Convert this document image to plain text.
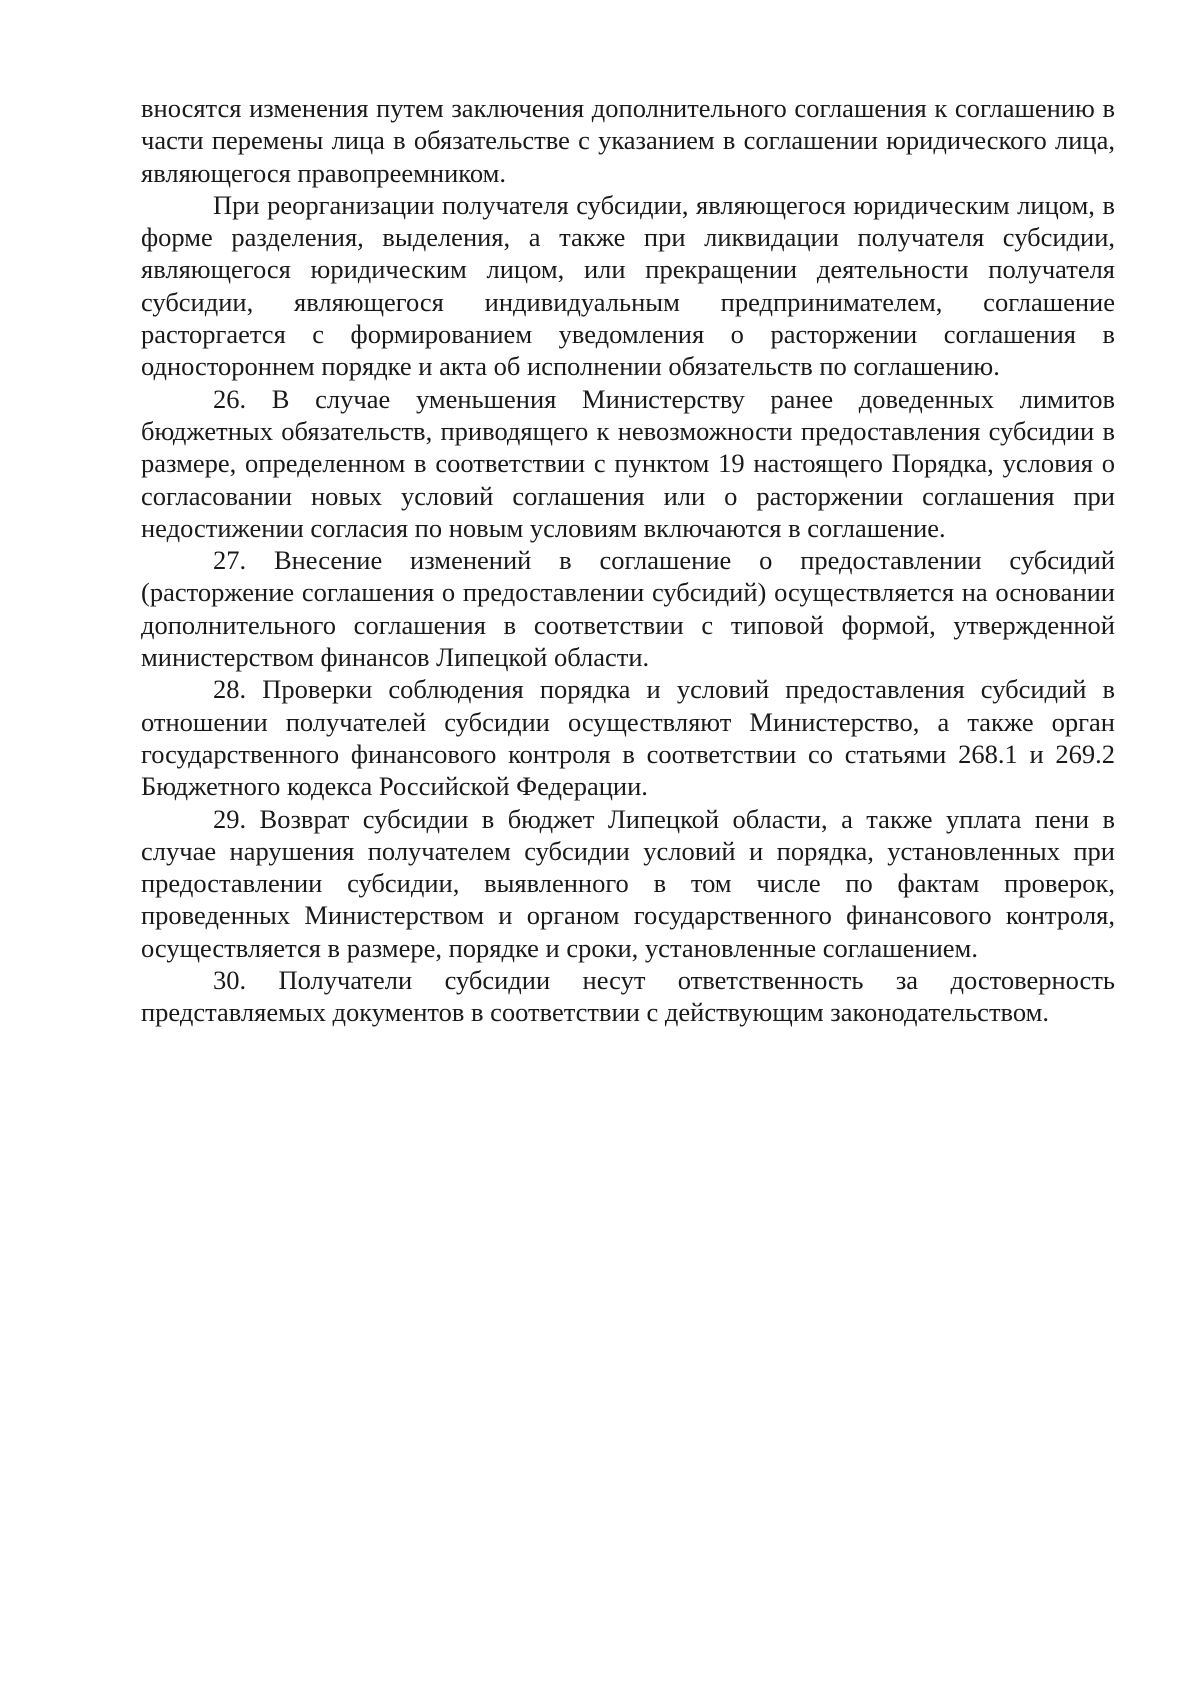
вносятся изменения путем заключения дополнительного соглашения к соглашению в части перемены лица в обязательстве с указанием в соглашении юридического лица, являющегося правопреемником.

При реорганизации получателя субсидии, являющегося юридическим лицом, в форме разделения, выделения, а также при ликвидации получателя субсидии, являющегося юридическим лицом, или прекращении деятельности получателя субсидии, являющегося индивидуальным предпринимателем, соглашение расторгается с формированием уведомления о расторжении соглашения в одностороннем порядке и акта об исполнении обязательств по соглашению.

26. В случае уменьшения Министерству ранее доведенных лимитов бюджетных обязательств, приводящего к невозможности предоставления субсидии в размере, определенном в соответствии с пунктом 19 настоящего Порядка, условия о согласовании новых условий соглашения или о расторжении соглашения при недостижении согласия по новым условиям включаются в соглашение.

27. Внесение изменений в соглашение о предоставлении субсидий (расторжение соглашения о предоставлении субсидий) осуществляется на основании дополнительного соглашения в соответствии с типовой формой, утвержденной министерством финансов Липецкой области.

28. Проверки соблюдения порядка и условий предоставления субсидий в отношении получателей субсидии осуществляют Министерство, а также орган государственного финансового контроля в соответствии со статьями 268.1 и 269.2 Бюджетного кодекса Российской Федерации.

29. Возврат субсидии в бюджет Липецкой области, а также уплата пени в случае нарушения получателем субсидии условий и порядка, установленных при предоставлении субсидии, выявленного в том числе по фактам проверок, проведенных Министерством и органом государственного финансового контроля, осуществляется в размере, порядке и сроки, установленные соглашением.

30. Получатели субсидии несут ответственность за достоверность представляемых документов в соответствии с действующим законодательством.
